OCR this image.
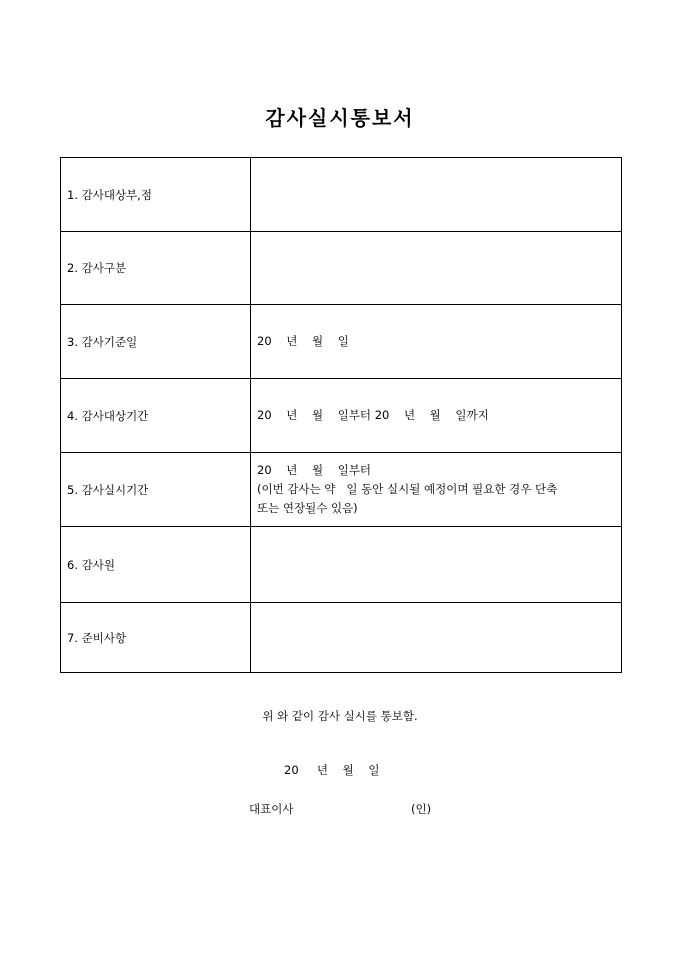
감사실시통보서
1. 감사대상부,점	
2. 감사구분	
3. 감사기준일	20    년    월    일
4. 감사대상기간	20    년    월    일부터 20    년    월    일까지
5. 감사실시기간	20    년    월    일부터
(이번 감사는 약   일 동안 실시될 예정이며 필요한 경우 단축
또는 연장될수 있음)

6. 감사원	
7. 준비사항	
위 와 같이 감사 실시를 통보함.
20     년    월    일
대표이사	(인)
